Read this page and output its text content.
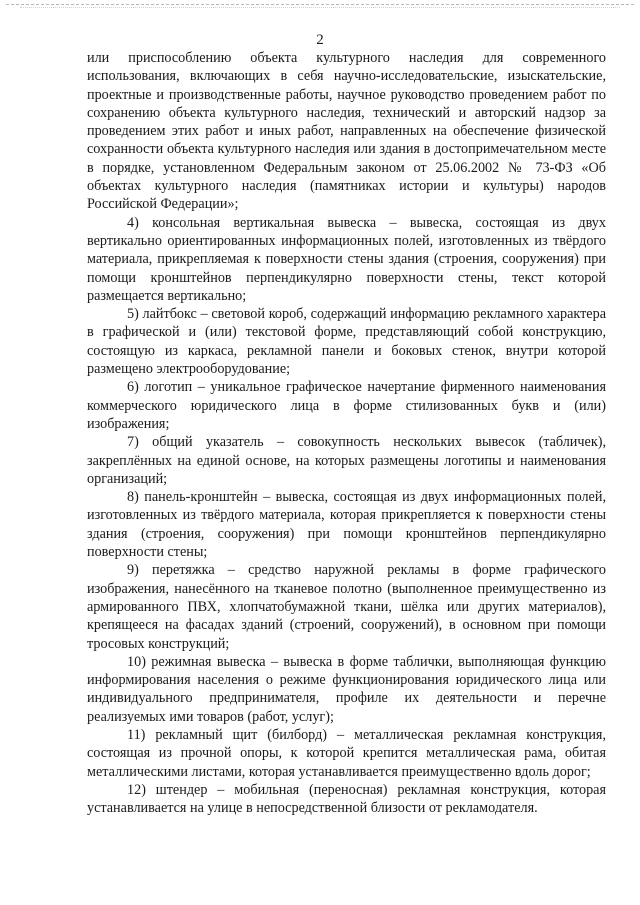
2

или приспособлению объекта культурного наследия для современного использования, включающих в себя научно-исследовательские, изыскательские, проектные и производственные работы, научное руководство проведением работ по сохранению объекта культурного наследия, технический и авторский надзор за проведением этих работ и иных работ, направленных на обеспечение физической сохранности объекта культурного наследия или здания в достопримечательном месте в порядке, установленном Федеральным законом от 25.06.2002 № 73-ФЗ «Об объектах культурного наследия (памятниках истории и культуры) народов Российской Федерации»;

4) консольная вертикальная вывеска – вывеска, состоящая из двух вертикально ориентированных информационных полей, изготовленных из твёрдого материала, прикрепляемая к поверхности стены здания (строения, сооружения) при помощи кронштейнов перпендикулярно поверхности стены, текст которой размещается вертикально;

5) лайтбокс – световой короб, содержащий информацию рекламного характера в графической и (или) текстовой форме, представляющий собой конструкцию, состоящую из каркаса, рекламной панели и боковых стенок, внутри которой размещено электрооборудование;

6) логотип – уникальное графическое начертание фирменного наименования коммерческого юридического лица в форме стилизованных букв и (или) изображения;

7) общий указатель – совокупность нескольких вывесок (табличек), закреплённых на единой основе, на которых размещены логотипы и наименования организаций;

8) панель-кронштейн – вывеска, состоящая из двух информационных полей, изготовленных из твёрдого материала, которая прикрепляется к поверхности стены здания (строения, сооружения) при помощи кронштейнов перпендикулярно поверхности стены;

9) перетяжка – средство наружной рекламы в форме графического изображения, нанесённого на тканевое полотно (выполненное преимущественно из армированного ПВХ, хлопчатобумажной ткани, шёлка или других материалов), крепящееся на фасадах зданий (строений, сооружений), в основном при помощи тросовых конструкций;

10) режимная вывеска – вывеска в форме таблички, выполняющая функцию информирования населения о режиме функционирования юридического лица или индивидуального предпринимателя, профиле их деятельности и перечне реализуемых ими товаров (работ, услуг);

11) рекламный щит (билборд) – металлическая рекламная конструкция, состоящая из прочной опоры, к которой крепится металлическая рама, обитая металлическими листами, которая устанавливается преимущественно вдоль дорог;

12) штендер – мобильная (переносная) рекламная конструкция, которая устанавливается на улице в непосредственной близости от рекламодателя.
